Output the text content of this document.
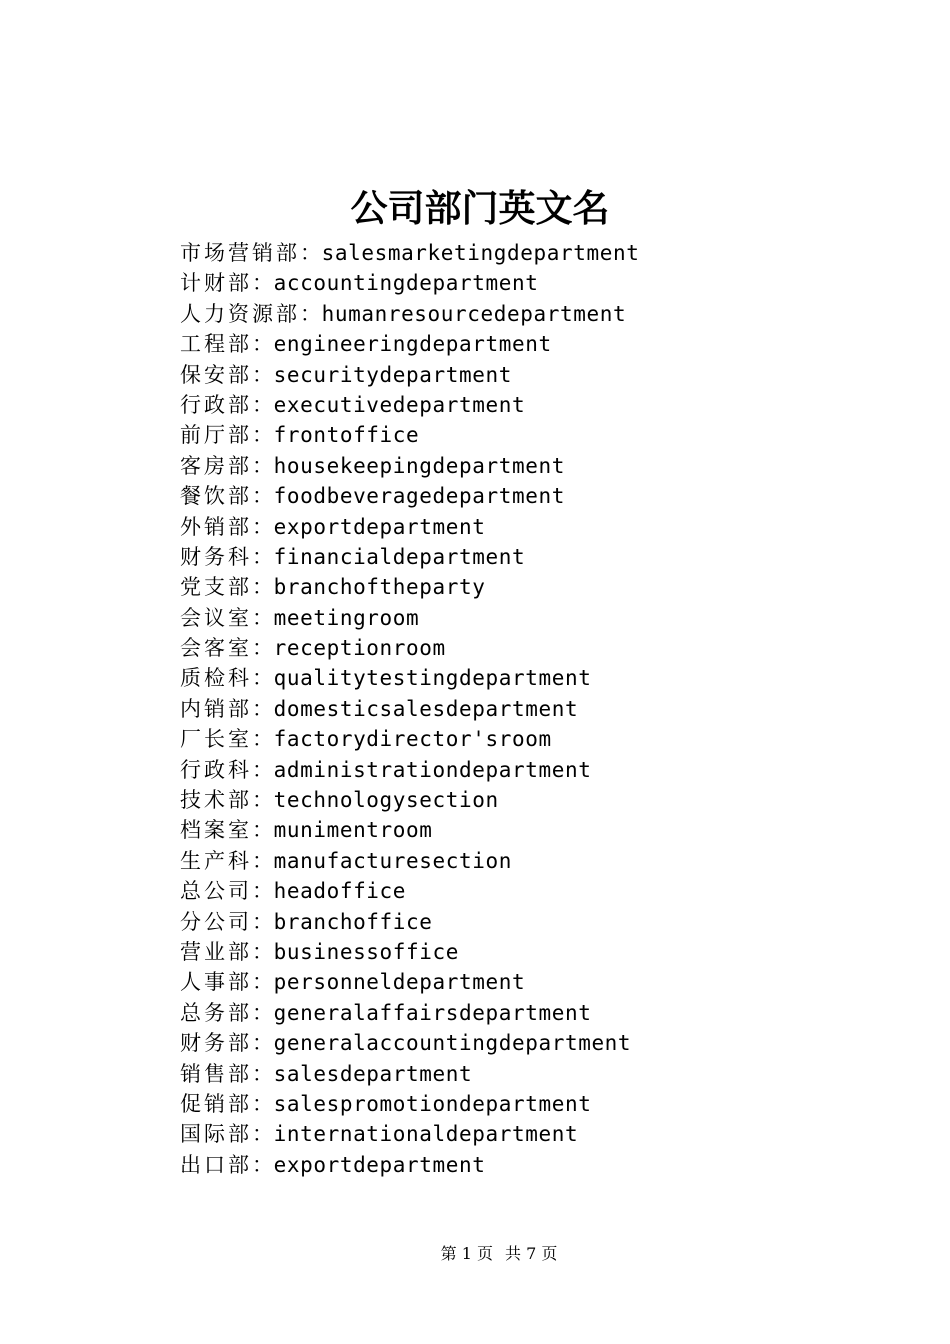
公司部门英文名
市场营销部：salesmarketingdepartment
计财部：accountingdepartment
人力资源部：humanresourcedepartment
工程部：engineeringdepartment
保安部：securitydepartment
行政部：executivedepartment
前厅部：frontoffice
客房部：housekeepingdepartment
餐饮部：foodbeveragedepartment
外销部：exportdepartment
财务科：financialdepartment
党支部：branchoftheparty
会议室：meetingroom
会客室：receptionroom
质检科：qualitytestingdepartment
内销部：domesticsalesdepartment
厂长室：factorydirector'sroom
行政科：administrationdepartment
技术部：technologysection
档案室：munimentroom
生产科：manufacturesection
总公司：headoffice
分公司：branchoffice
营业部：businessoffice
人事部：personneldepartment
总务部：generalaffairsdepartment
财务部：generalaccountingdepartment
销售部：salesdepartment
促销部：salespromotiondepartment
国际部：internationaldepartment
出口部：exportdepartment
第 1 页 共 7 页
